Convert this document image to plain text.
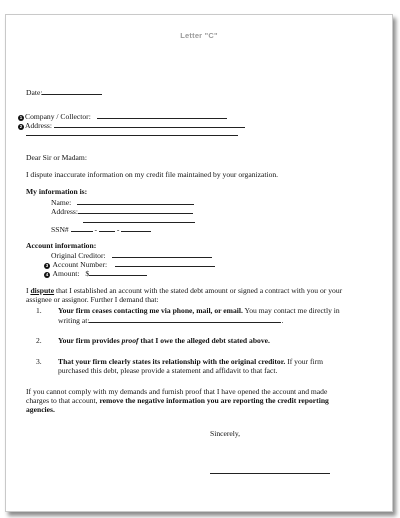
Letter "C"
Date:
1 Company / Collector:
2 Address:
Dear Sir or Madam:
I dispute inaccurate information on my credit file maintained by your organization.
My information is:
Name:
Address:
SSN#	-	-
Account information:
Original Creditor:
3 Account Number:
4 Amount: $
I dispute that I established an account with the stated debt amount or signed a contract with you or your
assignee or assignor. Further I demand that:
1. Your firm ceases contacting me via phone, mail, or email. You may contact me directly in
writing at:	.
2. Your firm provides proof that I owe the alleged debt stated above.
3. That your firm clearly states its relationship with the original creditor. If your firm
purchased this debt, please provide a statement and affidavit to that fact.
If you cannot comply with my demands and furnish proof that I have opened the account and made
charges to that account, remove the negative information you are reporting the credit reporting
agencies.
Sincerely,
